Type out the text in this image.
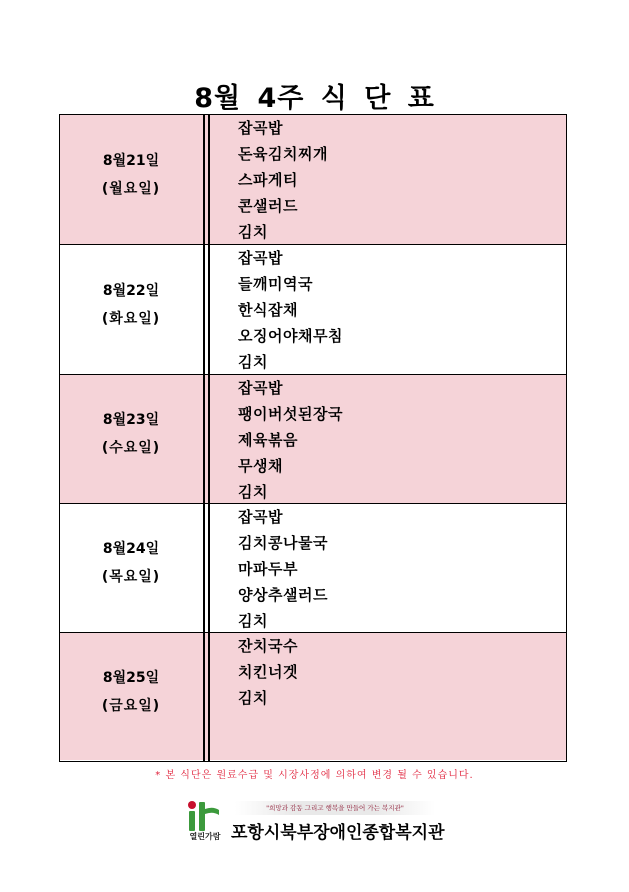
8월 4주 식 단 표
8월21일
(월요일)
잡곡밥
돈육김치찌개
스파게티
콘샐러드
김치
8월22일
(화요일)
잡곡밥
들깨미역국
한식잡채
오징어야채무침
김치
8월23일
(수요일)
잡곡밥
팽이버섯된장국
제육볶음
무생채
김치
8월24일
(목요일)
잡곡밥
김치콩나물국
마파두부
양상추샐러드
김치
8월25일
(금요일)
잔치국수
치킨너겟
김치
* 본 식단은 원료수급 및 시장사정에 의하여 변경 될 수 있습니다.
열린가람
"희망과 감동 그리고 행복을 만들어 가는 복지관"
포항시북부장애인종합복지관
